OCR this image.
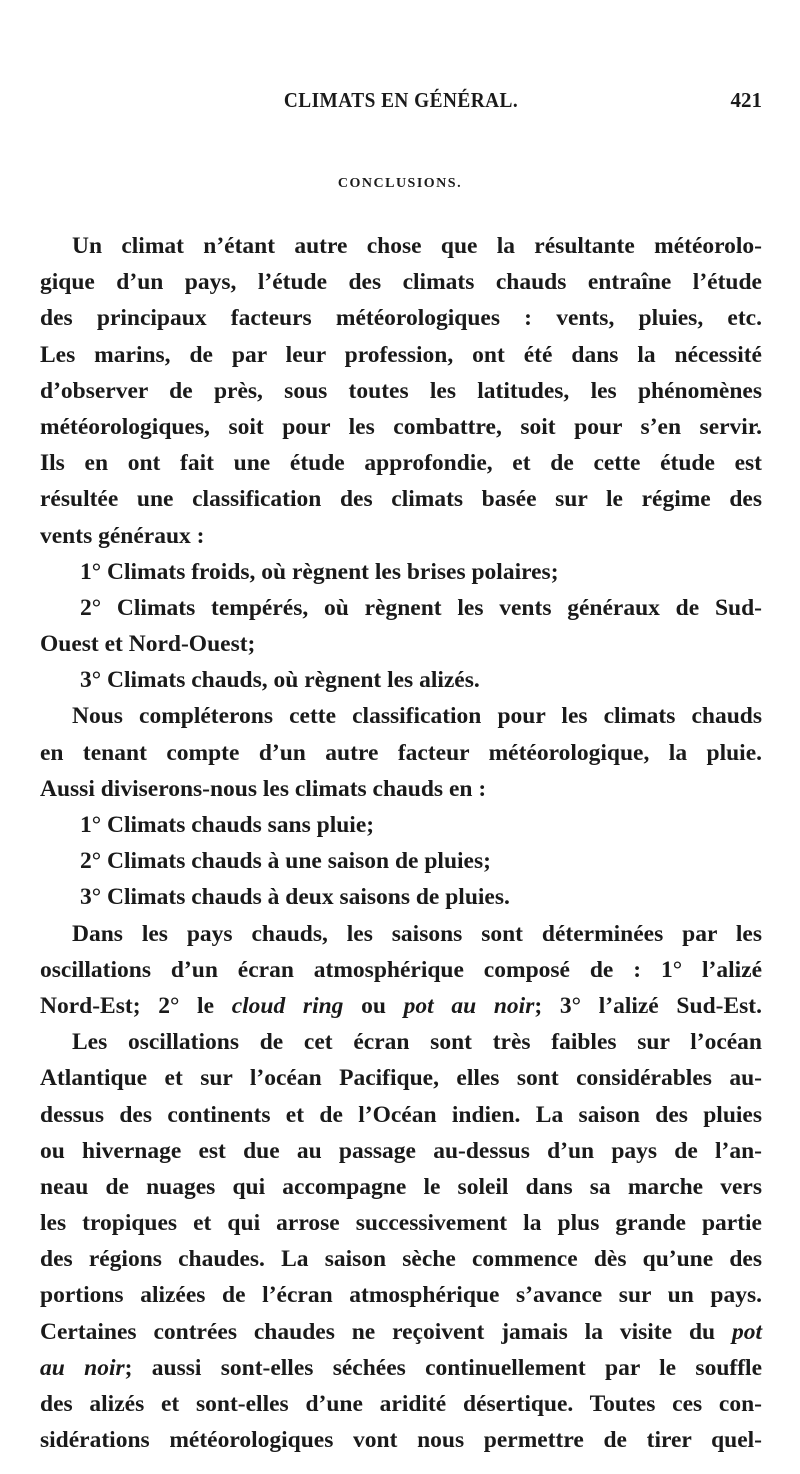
CLIMATS EN GÉNÉRAL.	421
CONCLUSIONS.
Un climat n’étant autre chose que la résultante météorolo-
gique d’un pays, l’étude des climats chauds entraîne l’étude
des principaux facteurs météorologiques : vents, pluies, etc.
Les marins, de par leur profession, ont été dans la nécessité
d’observer de près, sous toutes les latitudes, les phénomènes
météorologiques, soit pour les combattre, soit pour s’en servir.
Ils en ont fait une étude approfondie, et de cette étude est
résultée une classification des climats basée sur le régime des
vents généraux :
1° Climats froids, où règnent les brises polaires;
2° Climats tempérés, où règnent les vents généraux de Sud-
Ouest et Nord-Ouest;
3° Climats chauds, où règnent les alizés.
Nous compléterons cette classification pour les climats chauds
en tenant compte d’un autre facteur météorologique, la pluie.
Aussi diviserons-nous les climats chauds en :
1° Climats chauds sans pluie;
2° Climats chauds à une saison de pluies;
3° Climats chauds à deux saisons de pluies.
Dans les pays chauds, les saisons sont déterminées par les
oscillations d’un écran atmosphérique composé de : 1° l’alizé
Nord-Est; 2° le cloud ring ou pot au noir; 3° l’alizé Sud-Est.
Les oscillations de cet écran sont très faibles sur l’océan
Atlantique et sur l’océan Pacifique, elles sont considérables au-
dessus des continents et de l’Océan indien. La saison des pluies
ou hivernage est due au passage au-dessus d’un pays de l’an-
neau de nuages qui accompagne le soleil dans sa marche vers
les tropiques et qui arrose successivement la plus grande partie
des régions chaudes. La saison sèche commence dès qu’une des
portions alizées de l’écran atmosphérique s’avance sur un pays.
Certaines contrées chaudes ne reçoivent jamais la visite du pot
au noir; aussi sont-elles séchées continuellement par le souffle
des alizés et sont-elles d’une aridité désertique. Toutes ces con-
sidérations météorologiques vont nous permettre de tirer quel-
